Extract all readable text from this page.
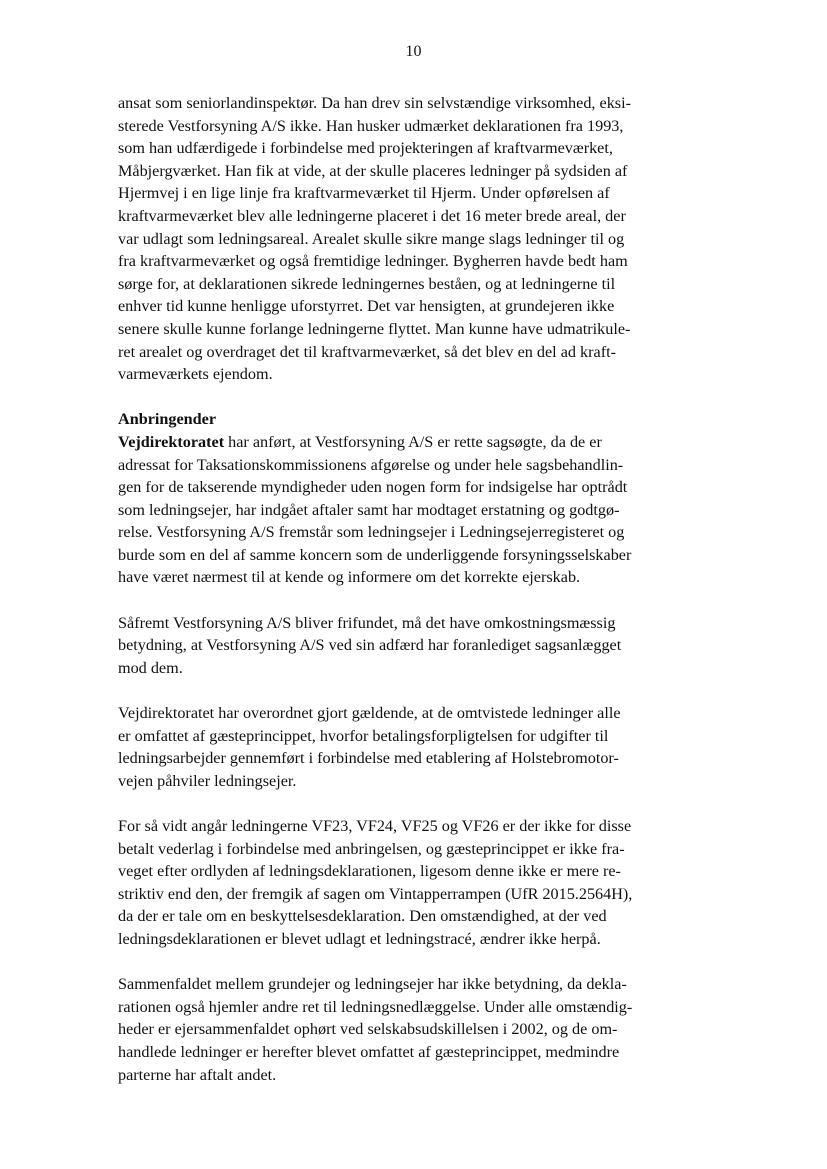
10

ansat som seniorlandinspektør. Da han drev sin selvstændige virksomhed, eksi-
sterede Vestforsyning A/S ikke. Han husker udmærket deklarationen fra 1993,
som han udfærdigede i forbindelse med projekteringen af kraftvarmeværket,
Måbjergværket. Han fik at vide, at der skulle placeres ledninger på sydsiden af
Hjermvej i en lige linje fra kraftvarmeværket til Hjerm. Under opførelsen af
kraftvarmeværket blev alle ledningerne placeret i det 16 meter brede areal, der
var udlagt som ledningsareal. Arealet skulle sikre mange slags ledninger til og
fra kraftvarmeværket og også fremtidige ledninger. Bygherren havde bedt ham
sørge for, at deklarationen sikrede ledningernes beståen, og at ledningerne til
enhver tid kunne henligge uforstyrret. Det var hensigten, at grundejeren ikke
senere skulle kunne forlange ledningerne flyttet. Man kunne have udmatrikule-
ret arealet og overdraget det til kraftvarmeværket, så det blev en del ad kraft-
varmeværkets ejendom.

Anbringender

Vejdirektoratet har anført, at Vestforsyning A/S er rette sagsøgte, da de er
adressat for Taksationskommissionens afgørelse og under hele sagsbehandlin-
gen for de takserende myndigheder uden nogen form for indsigelse har optrådt
som ledningsejer, har indgået aftaler samt har modtaget erstatning og godtgø-
relse. Vestforsyning A/S fremstår som ledningsejer i Ledningsejerregisteret og
burde som en del af samme koncern som de underliggende forsyningsselskaber
have været nærmest til at kende og informere om det korrekte ejerskab.

Såfremt Vestforsyning A/S bliver frifundet, må det have omkostningsmæssig
betydning, at Vestforsyning A/S ved sin adfærd har foranlediget sagsanlægget
mod dem.

Vejdirektoratet har overordnet gjort gældende, at de omtvistede ledninger alle
er omfattet af gæsteprincippet, hvorfor betalingsforpligtelsen for udgifter til
ledningsarbejder gennemført i forbindelse med etablering af Holstebromotor-
vejen påhviler ledningsejer.

For så vidt angår ledningerne VF23, VF24, VF25 og VF26 er der ikke for disse
betalt vederlag i forbindelse med anbringelsen, og gæsteprincippet er ikke fra-
veget efter ordlyden af ledningsdeklarationen, ligesom denne ikke er mere re-
striktiv end den, der fremgik af sagen om Vintapperrampen (UfR 2015.2564H),
da der er tale om en beskyttelsesdeklaration. Den omstændighed, at der ved
ledningsdeklarationen er blevet udlagt et ledningstracé, ændrer ikke herpå.

Sammenfaldet mellem grundejer og ledningsejer har ikke betydning, da dekla-
rationen også hjemler andre ret til ledningsnedlæggelse. Under alle omstændig-
heder er ejersammenfaldet ophørt ved selskabsudskillelsen i 2002, og de om-
handlede ledninger er herefter blevet omfattet af gæsteprincippet, medmindre
parterne har aftalt andet.
